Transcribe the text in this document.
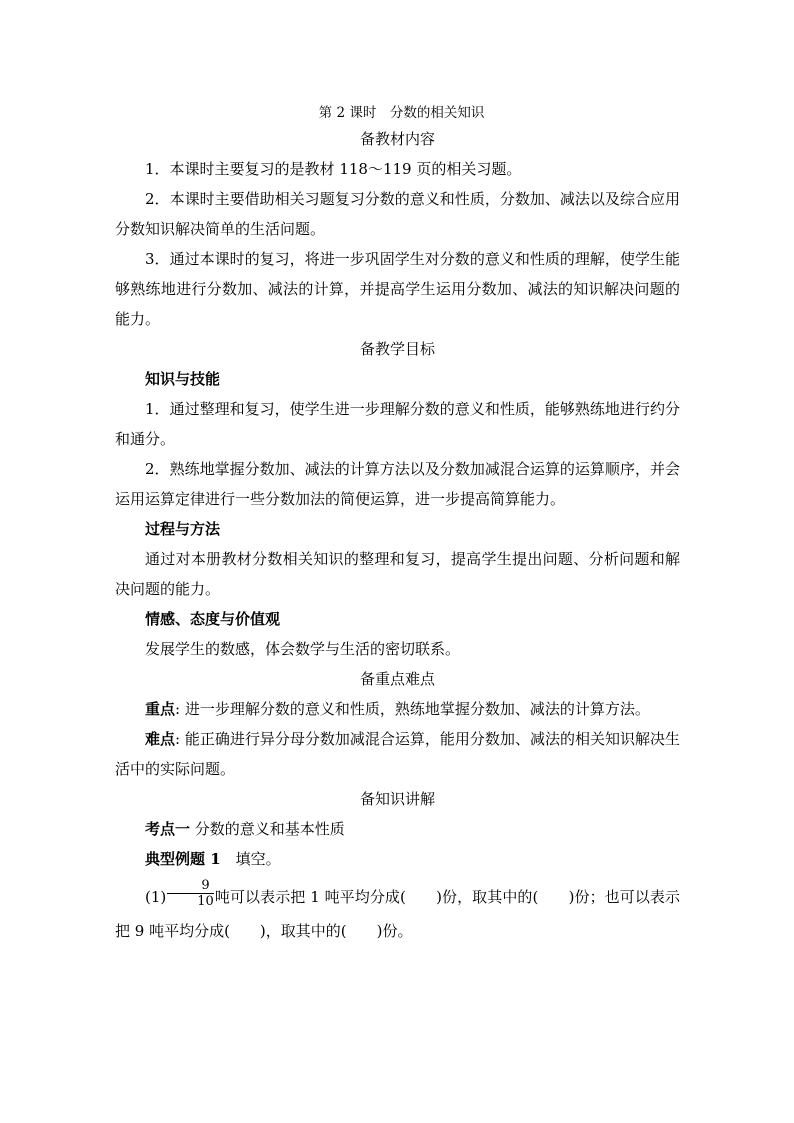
第 2 课时　分数的相关知识
备教材内容
1．本课时主要复习的是教材 118～119 页的相关习题。
2．本课时主要借助相关习题复习分数的意义和性质，分数加、减法以及综合应用分数知识解决简单的生活问题。
3．通过本课时的复习，将进一步巩固学生对分数的意义和性质的理解，使学生能够熟练地进行分数加、减法的计算，并提高学生运用分数加、减法的知识解决问题的能力。
备教学目标
知识与技能
1．通过整理和复习，使学生进一步理解分数的意义和性质，能够熟练地进行约分和通分。
2．熟练地掌握分数加、减法的计算方法以及分数加减混合运算的运算顺序，并会运用运算定律进行一些分数加法的简便运算，进一步提高简算能力。
过程与方法
通过对本册教材分数相关知识的整理和复习，提高学生提出问题、分析问题和解决问题的能力。
情感、态度与价值观
发展学生的数感，体会数学与生活的密切联系。
备重点难点
重点: 进一步理解分数的意义和性质，熟练地掌握分数加、减法的计算方法。
难点: 能正确进行异分母分数加减混合运算，能用分数加、减法的相关知识解决生活中的实际问题。
备知识讲解
考点一 分数的意义和基本性质
典型例题 1　填空。
$(1) \frac{9}{10}$ 吨可以表示把 1 吨平均分成(　　)份，取其中的(　　)份；也可以表示把 9 吨平均分成(　　)，取其中的(　　)份。
